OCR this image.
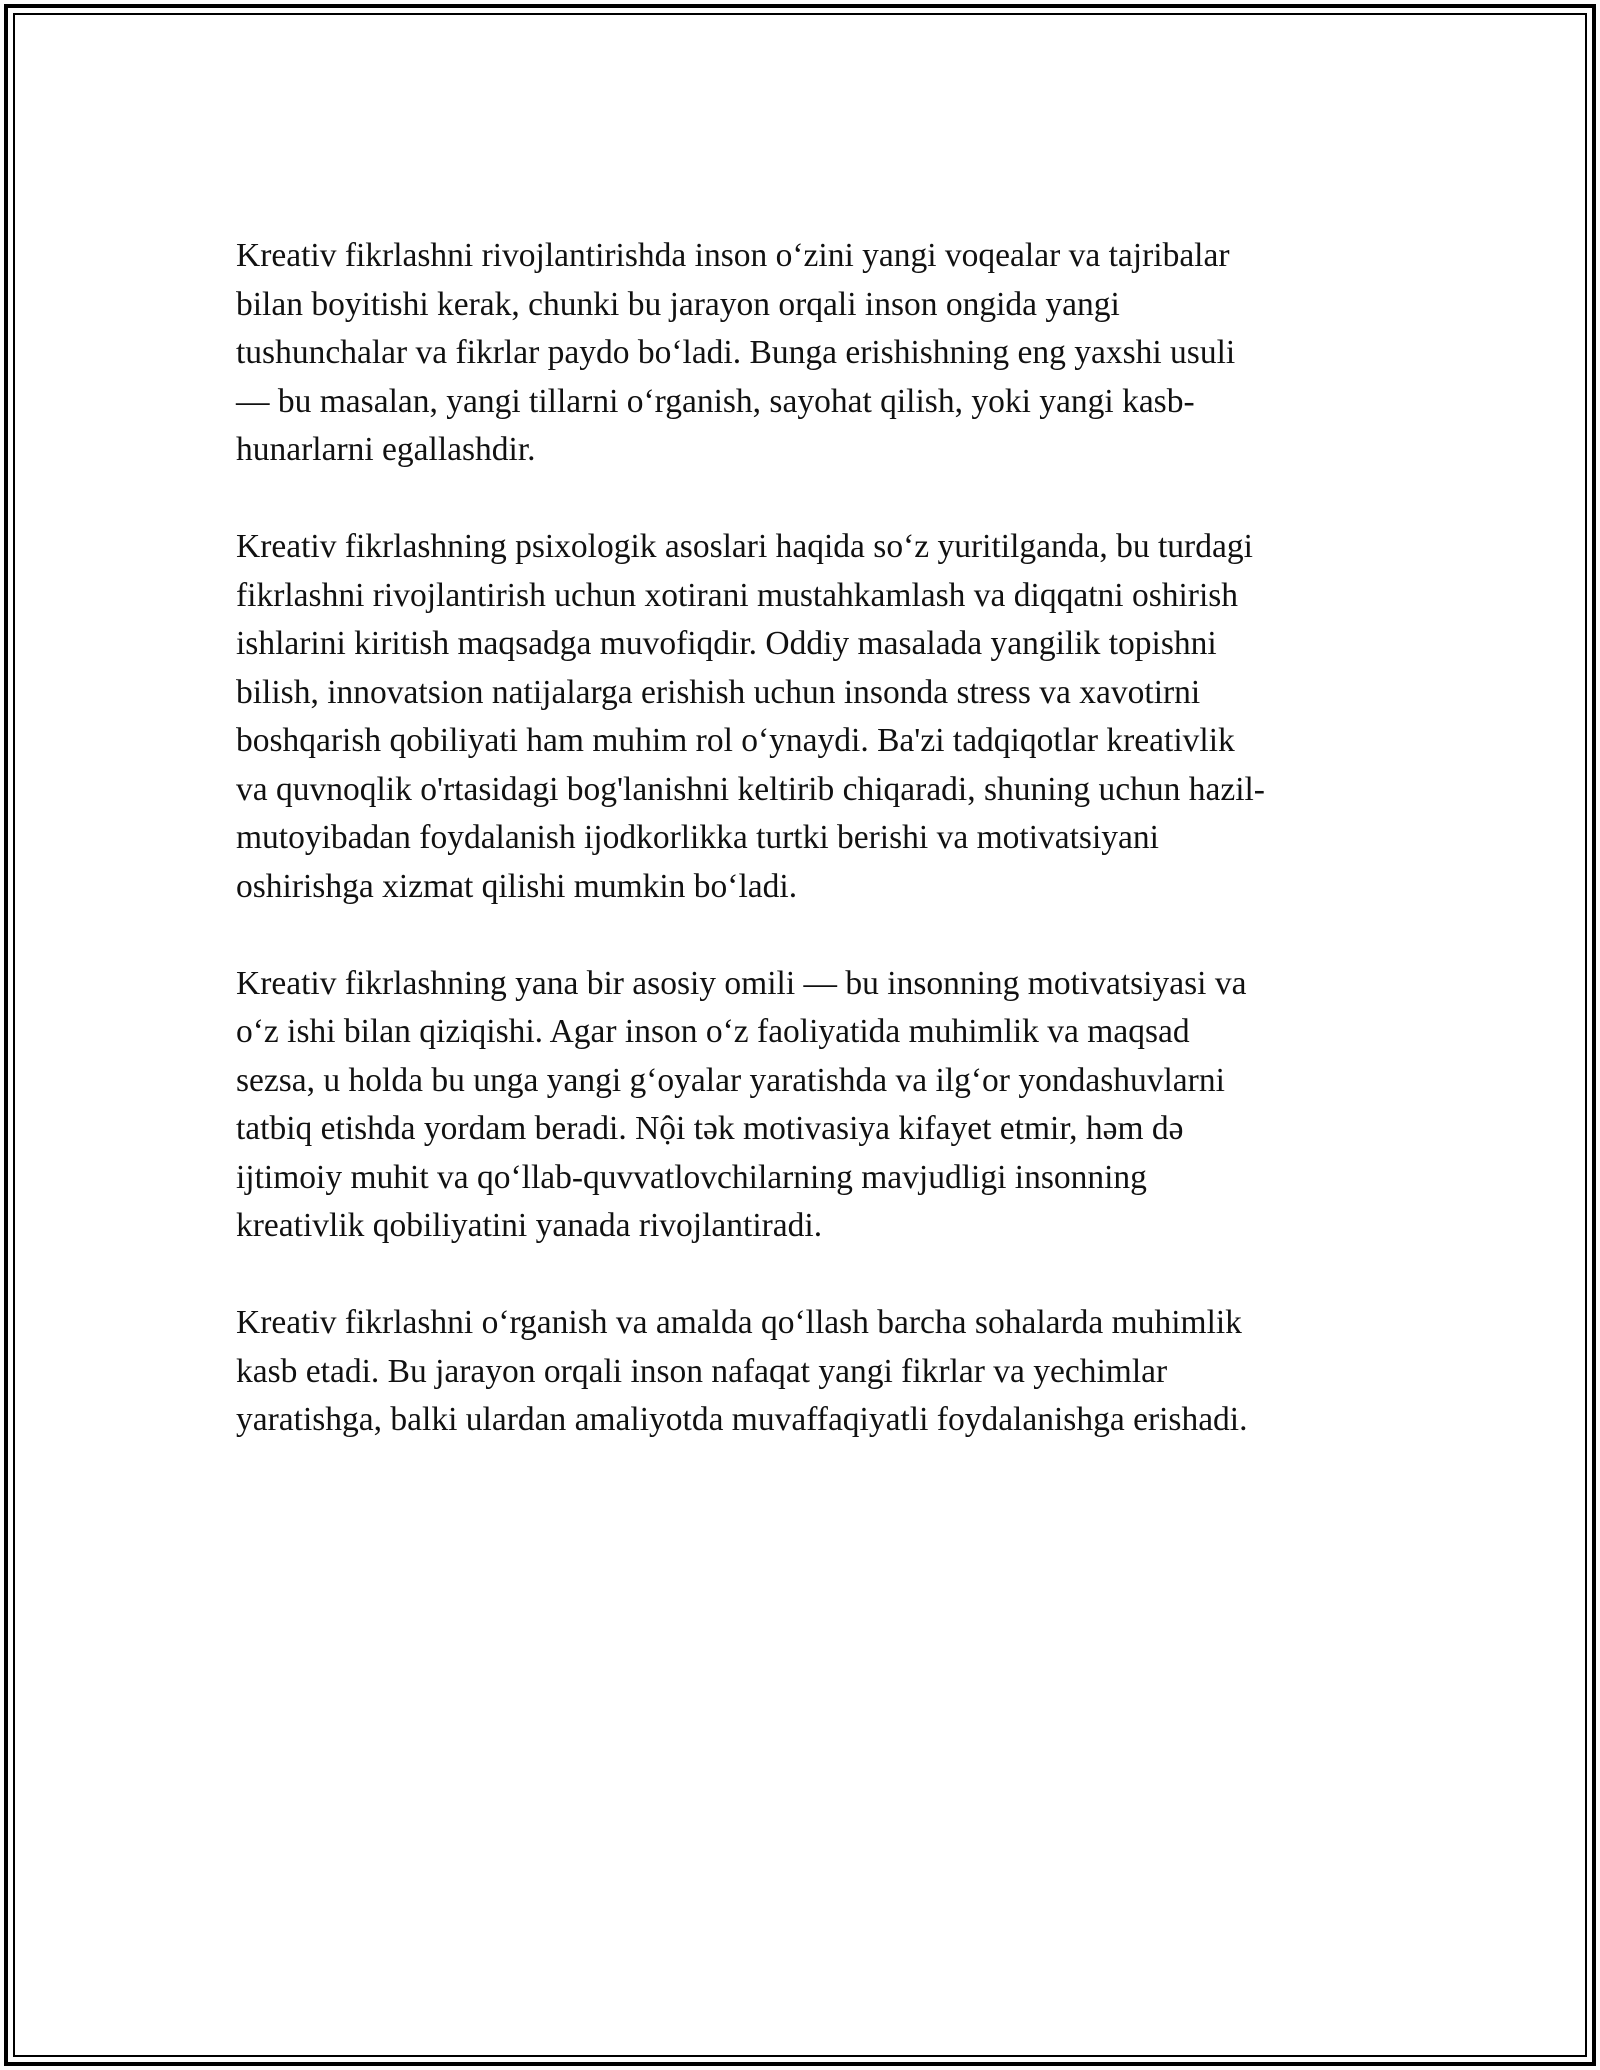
Kreativ fikrlashni rivojlantirishda inson oʻzini yangi voqealar va tajribalar
bilan boyitishi kerak, chunki bu jarayon orqali inson ongida yangi
tushunchalar va fikrlar paydo boʻladi. Bunga erishishning eng yaxshi usuli
— bu masalan, yangi tillarni oʻrganish, sayohat qilish, yoki yangi kasb-
hunarlarni egallashdir.

Kreativ fikrlashning psixologik asoslari haqida soʻz yuritilganda, bu turdagi
fikrlashni rivojlantirish uchun xotirani mustahkamlash va diqqatni oshirish
ishlarini kiritish maqsadga muvofiqdir. Oddiy masalada yangilik topishni
bilish, innovatsion natijalarga erishish uchun insonda stress va xavotirni
boshqarish qobiliyati ham muhim rol oʻynaydi. Ba'zi tadqiqotlar kreativlik
va quvnoqlik o'rtasidagi bog'lanishni keltirib chiqaradi, shuning uchun hazil-
mutoyibadan foydalanish ijodkorlikka turtki berishi va motivatsiyani
oshirishga xizmat qilishi mumkin boʻladi.

Kreativ fikrlashning yana bir asosiy omili — bu insonning motivatsiyasi va
oʻz ishi bilan qiziqishi. Agar inson oʻz faoliyatida muhimlik va maqsad
sezsa, u holda bu unga yangi gʻoyalar yaratishda va ilgʻor yondashuvlarni
tatbiq etishda yordam beradi. Nội tək motivasiya kifayet etmir, həm də
ijtimoiy muhit va qoʻllab-quvvatlovchilarning mavjudligi insonning
kreativlik qobiliyatini yanada rivojlantiradi.

Kreativ fikrlashni oʻrganish va amalda qoʻllash barcha sohalarda muhimlik
kasb etadi. Bu jarayon orqali inson nafaqat yangi fikrlar va yechimlar
yaratishga, balki ulardan amaliyotda muvaffaqiyatli foydalanishga erishadi.
